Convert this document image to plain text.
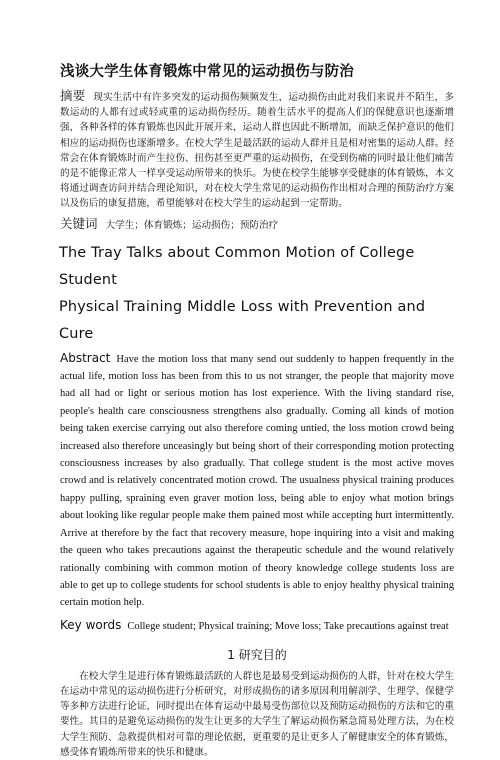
浅谈大学生体育锻炼中常见的运动损伤与防治

摘要 现实生活中有许多突发的运动损伤频频发生，运动损伤由此对我们来说并不陌生，多数运动的人都有过或轻或重的运动损伤经历。随着生活水平的提高人们的保健意识也逐渐增强，各种各样的体育锻炼也因此开展开来，运动人群也因此不断增加，而缺乏保护意识的他们相应的运动损伤也逐渐增多。在校大学生是最活跃的运动人群并且是相对密集的运动人群。经常会在体育锻炼时而产生拉伤、扭伤甚至更严重的运动损伤，在受到伤痛的同时最让他们痛苦的是不能像正常人一样享受运动所带来的快乐。为使在校学生能够享受健康的体育锻炼，本文将通过调查访问并结合理论知识，对在校大学生常见的运动损伤作出相对合理的预防治疗方案以及伤后的康复措施，希望能够对在校大学生的运动起到一定帮助。

关键词 大学生；体育锻炼；运动损伤；预防治疗
The Tray Talks about Common Motion of College Student
Physical Training Middle Loss with Prevention and Cure

Abstract Have the motion loss that many send out suddenly to happen frequently in the actual life, motion loss has been from this to us not stranger, the people that majority move had all had or light or serious motion has lost experience. With the living standard rise, people's health care consciousness strengthens also gradually. Coming all kinds of motion being taken exercise carrying out also therefore coming untied, the loss motion crowd being increased also therefore unceasingly but being short of their corresponding motion protecting consciousness increases by also gradually. That college student is the most active moves crowd and is relatively concentrated motion crowd. The usualness physical training produces happy pulling, spraining even graver motion loss, being able to enjoy what motion brings about looking like regular people make them pained most while accepting hurt intermittently. Arrive at therefore by the fact that recovery measure, hope inquiring into a visit and making the queen who takes precautions against the therapeutic schedule and the wound relatively rationally combining with common motion of theory knowledge college students loss are able to get up to college students for school students is able to enjoy healthy physical training certain motion help.

Key words College student; Physical training; Move loss; Take precautions against treat
1 研究目的

在校大学生是进行体育锻炼最活跃的人群也是最易受到运动损伤的人群，针对在校大学生在运动中常见的运动损伤进行分析研究，对形成损伤的诸多原因利用解剖学、生理学、保健学等多种方法进行论证，同时提出在体育运动中最易受伤部位以及预防运动损伤的方法和它的重要性。其目的是避免运动损伤的发生让更多的大学生了解运动损伤紧急简易处理方法，为在校大学生预防、急救提供相对可靠的理论依据，更重要的是让更多人了解健康安全的体育锻炼，感受体育锻炼所带来的快乐和健康。
